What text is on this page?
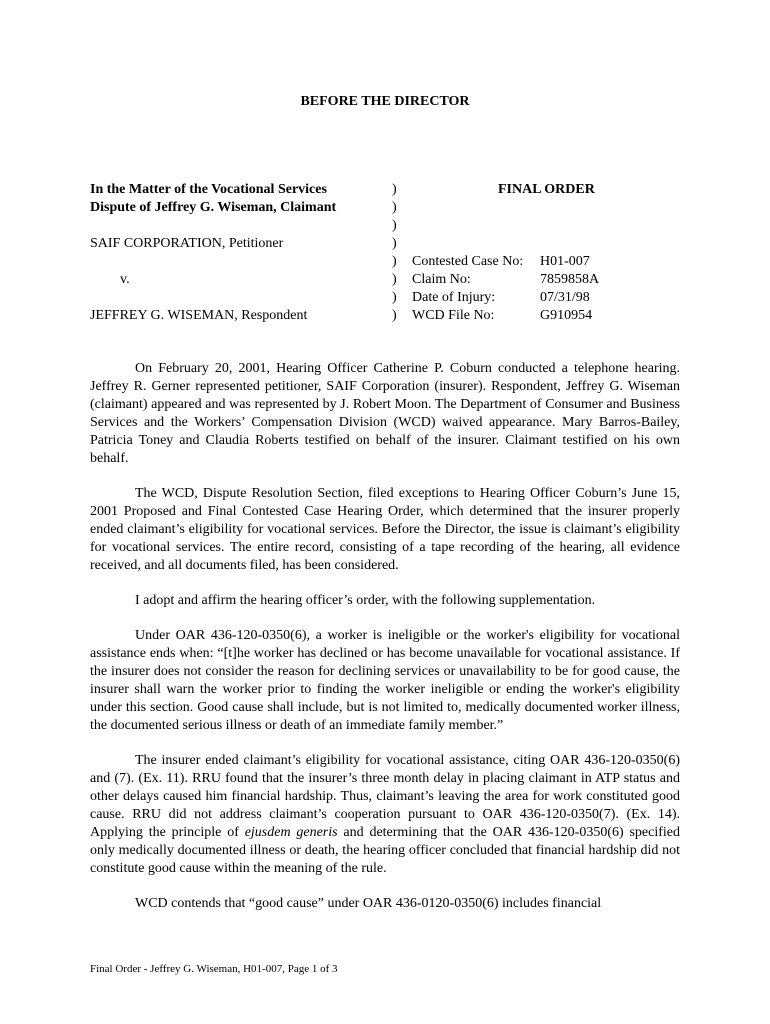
BEFORE THE DIRECTOR
In the Matter of the Vocational Services
Dispute of Jeffrey G. Wiseman, Claimant
SAIF CORPORATION, Petitioner
v.
JEFFREY G. WISEMAN, Respondent
)
)
)
)
)
)
)
)
FINAL ORDER
Contested Case No: H01-007
Claim No:	7859858A
Date of Injury:	07/31/98
WCD File No:	G910954

On February 20, 2001, Hearing Officer Catherine P. Coburn conducted a telephone hearing. Jeffrey R. Gerner represented petitioner, SAIF Corporation (insurer). Respondent, Jeffrey G. Wiseman (claimant) appeared and was represented by J. Robert Moon. The Department of Consumer and Business Services and the Workers’ Compensation Division (WCD) waived appearance. Mary Barros-Bailey, Patricia Toney and Claudia Roberts testified on behalf of the insurer. Claimant testified on his own behalf.

The WCD, Dispute Resolution Section, filed exceptions to Hearing Officer Coburn’s June 15, 2001 Proposed and Final Contested Case Hearing Order, which determined that the insurer properly ended claimant’s eligibility for vocational services. Before the Director, the issue is claimant’s eligibility for vocational services. The entire record, consisting of a tape recording of the hearing, all evidence received, and all documents filed, has been considered.

I adopt and affirm the hearing officer’s order, with the following supplementation.

Under OAR 436-120-0350(6), a worker is ineligible or the worker's eligibility for vocational assistance ends when: “[t]he worker has declined or has become unavailable for vocational assistance. If the insurer does not consider the reason for declining services or unavailability to be for good cause, the insurer shall warn the worker prior to finding the worker ineligible or ending the worker's eligibility under this section. Good cause shall include, but is not limited to, medically documented worker illness, the documented serious illness or death of an immediate family member.”

The insurer ended claimant’s eligibility for vocational assistance, citing OAR 436-120-0350(6) and (7). (Ex. 11). RRU found that the insurer’s three month delay in placing claimant in ATP status and other delays caused him financial hardship. Thus, claimant’s leaving the area for work constituted good cause. RRU did not address claimant’s cooperation pursuant to OAR 436-120-0350(7). (Ex. 14). Applying the principle of ejusdem generis and determining that the OAR 436-120-0350(6) specified only medically documented illness or death, the hearing officer concluded that financial hardship did not constitute good cause within the meaning of the rule.

WCD contends that “good cause” under OAR 436-0120-0350(6) includes financial

Final Order - Jeffrey G. Wiseman, H01-007, Page 1 of 3
